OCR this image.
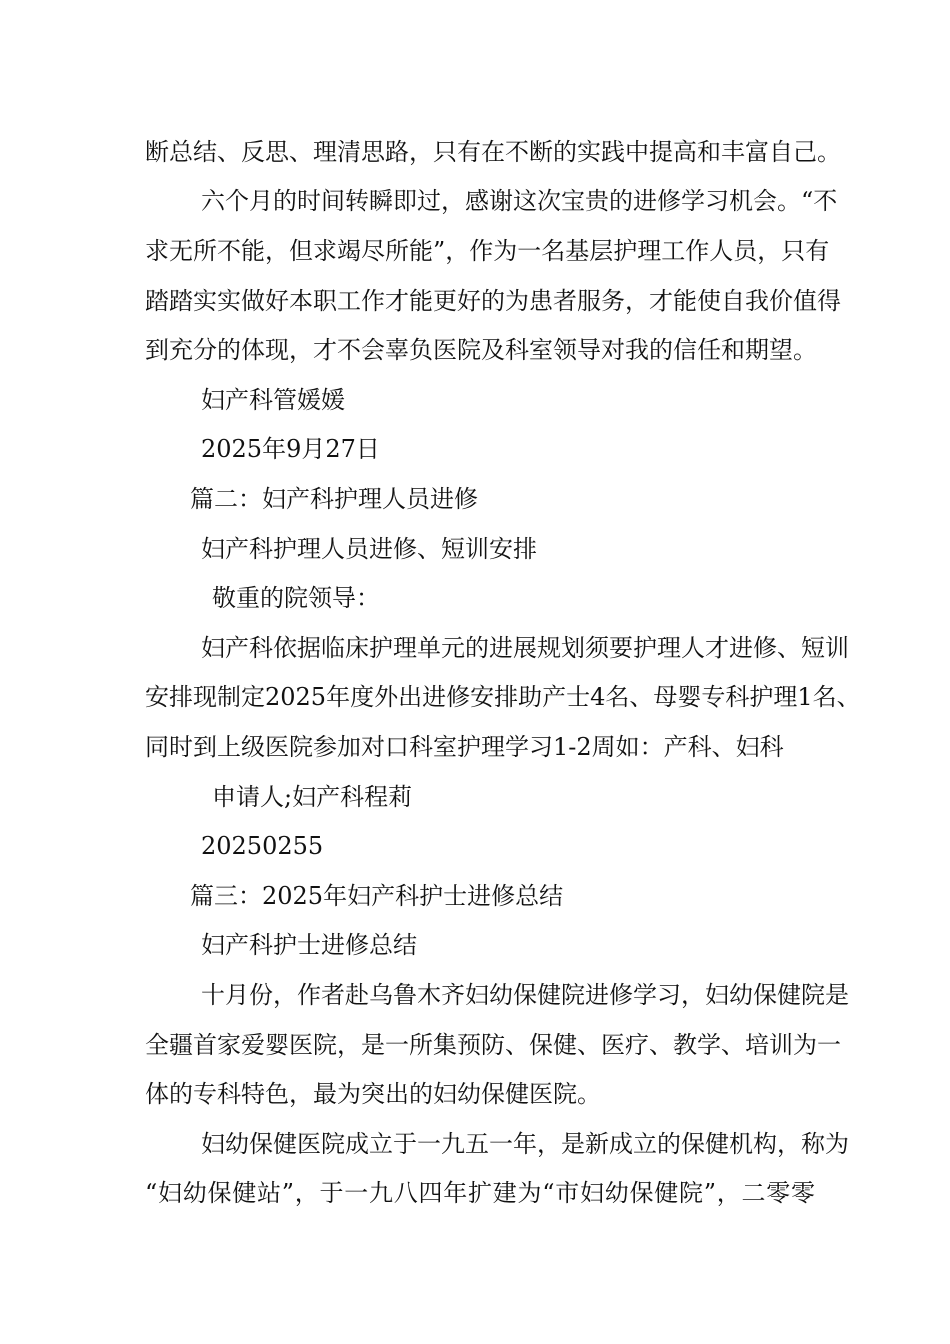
断总结、反思、理清思路，只有在不断的实践中提高和丰富自己。
六个月的时间转瞬即过，感谢这次宝贵的进修学习机会。“不
求无所不能，但求竭尽所能”，作为一名基层护理工作人员，只有
踏踏实实做好本职工作才能更好的为患者服务，才能使自我价值得
到充分的体现，才不会辜负医院及科室领导对我的信任和期望。
妇产科管媛媛
2025年9月27日
篇二：妇产科护理人员进修
妇产科护理人员进修、短训安排
敬重的院领导：
妇产科依据临床护理单元的进展规划须要护理人才进修、短训
安排现制定2025年度外出进修安排助产士4名、母婴专科护理1名、
同时到上级医院参加对口科室护理学习1-2周如：产科、妇科
申请人;妇产科程莉
20250255
篇三：2025年妇产科护士进修总结
妇产科护士进修总结
十月份，作者赴乌鲁木齐妇幼保健院进修学习，妇幼保健院是
全疆首家爱婴医院，是一所集预防、保健、医疗、教学、培训为一
体的专科特色，最为突出的妇幼保健医院。
妇幼保健医院成立于一九五一年，是新成立的保健机构，称为
“妇幼保健站”，于一九八四年扩建为“市妇幼保健院”，二零零
